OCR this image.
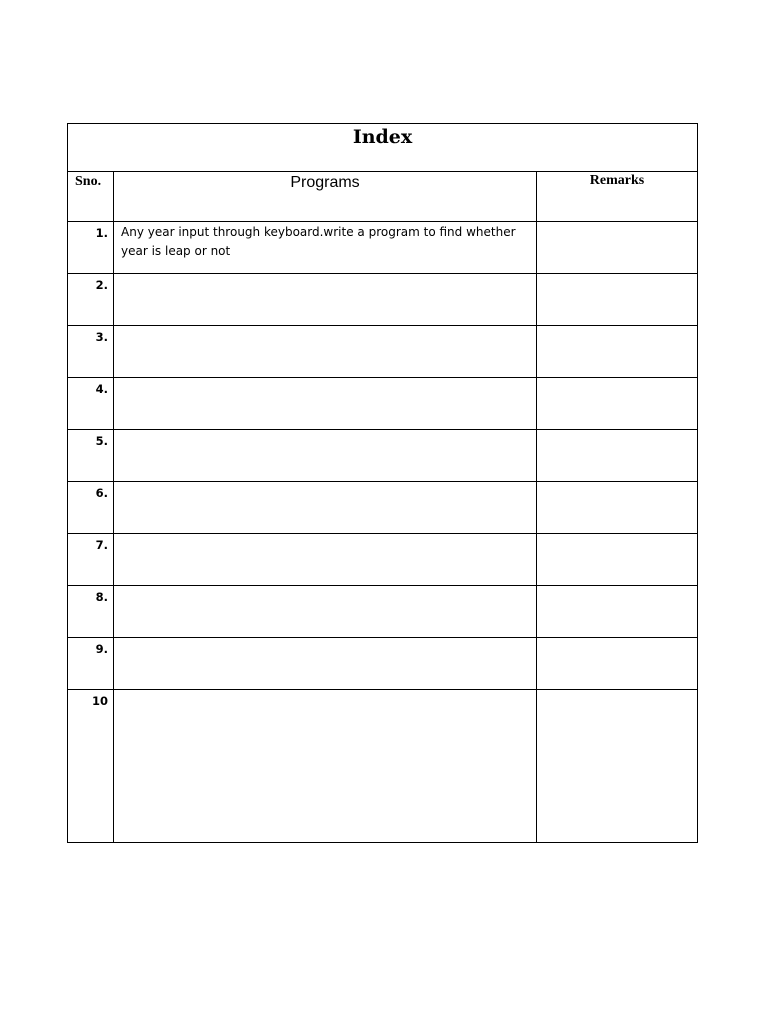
Index		

Sno.	Programs	Remarks
1.	Any year input through keyboard.write a program to find whether year is leap or not	
2.		
3.		
4.		
5.		
6.		
7.		
8.		
9.		
10		
